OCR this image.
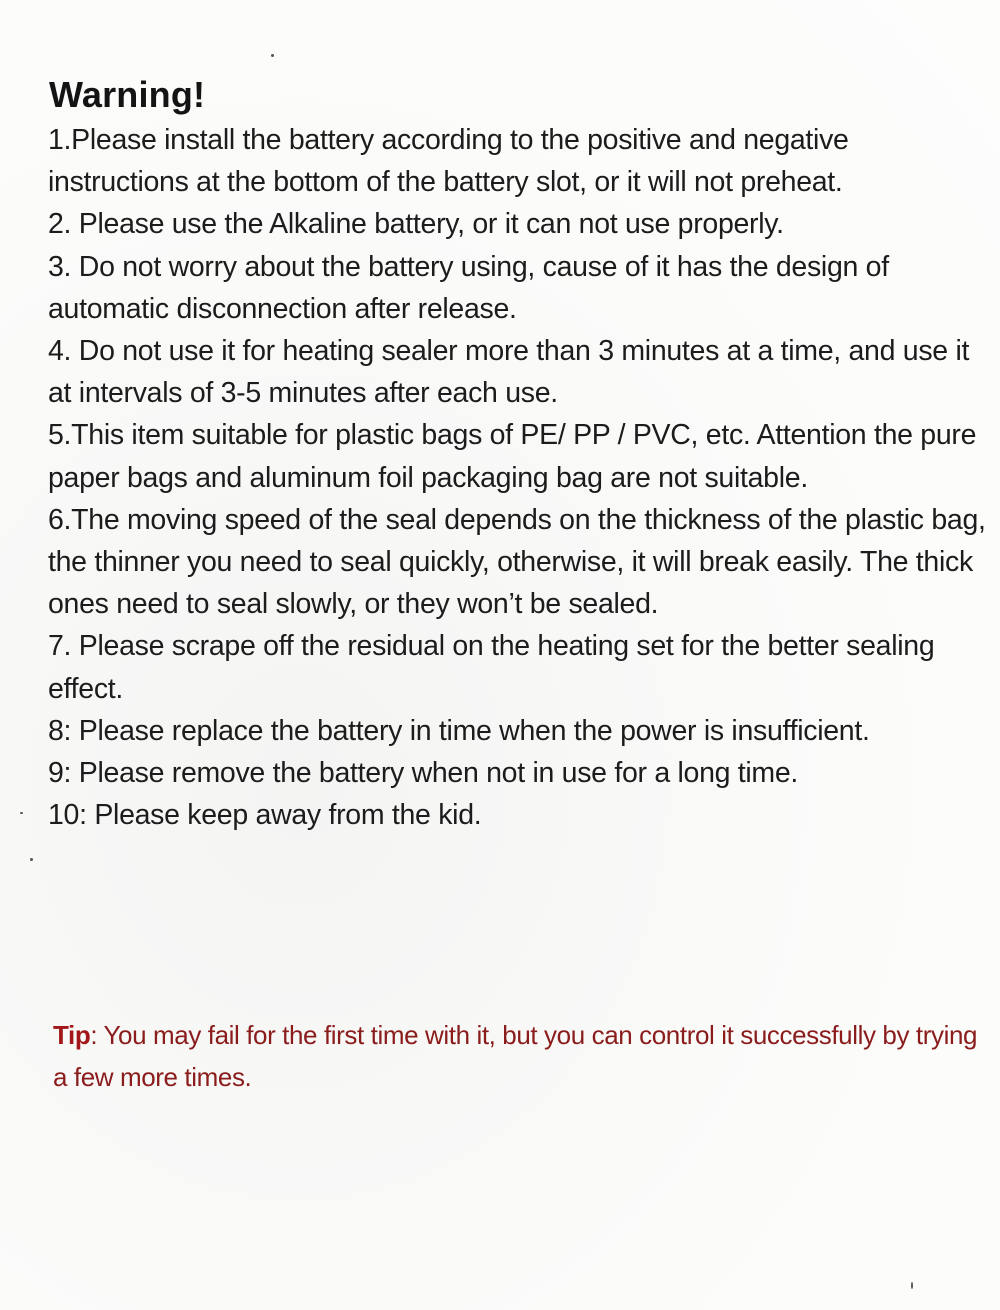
Warning!
1.Please install the battery according to the positive and negative instructions at the bottom of the battery slot, or it will not preheat.
2. Please use the Alkaline battery, or it can not use properly.
3. Do not worry about the battery using, cause of it has the design of automatic disconnection after release.
4. Do not use it for heating sealer more than 3 minutes at a time, and use it at intervals of 3-5 minutes after each use.
5.This item suitable for plastic bags of PE/ PP / PVC, etc. Attention the pure paper bags and aluminum foil packaging bag are not suitable.
6.The moving speed of the seal depends on the thickness of the plastic bag, the thinner you need to seal quickly, otherwise, it will break easily. The thick ones need to seal slowly, or they won’t be sealed.
7. Please scrape off the residual on the heating set for the better sealing effect.
8: Please replace the battery in time when the power is insufficient.
9: Please remove the battery when not in use for a long time.
10: Please keep away from the kid.

Tip: You may fail for the first time with it, but you can control it successfully by trying a few more times.
